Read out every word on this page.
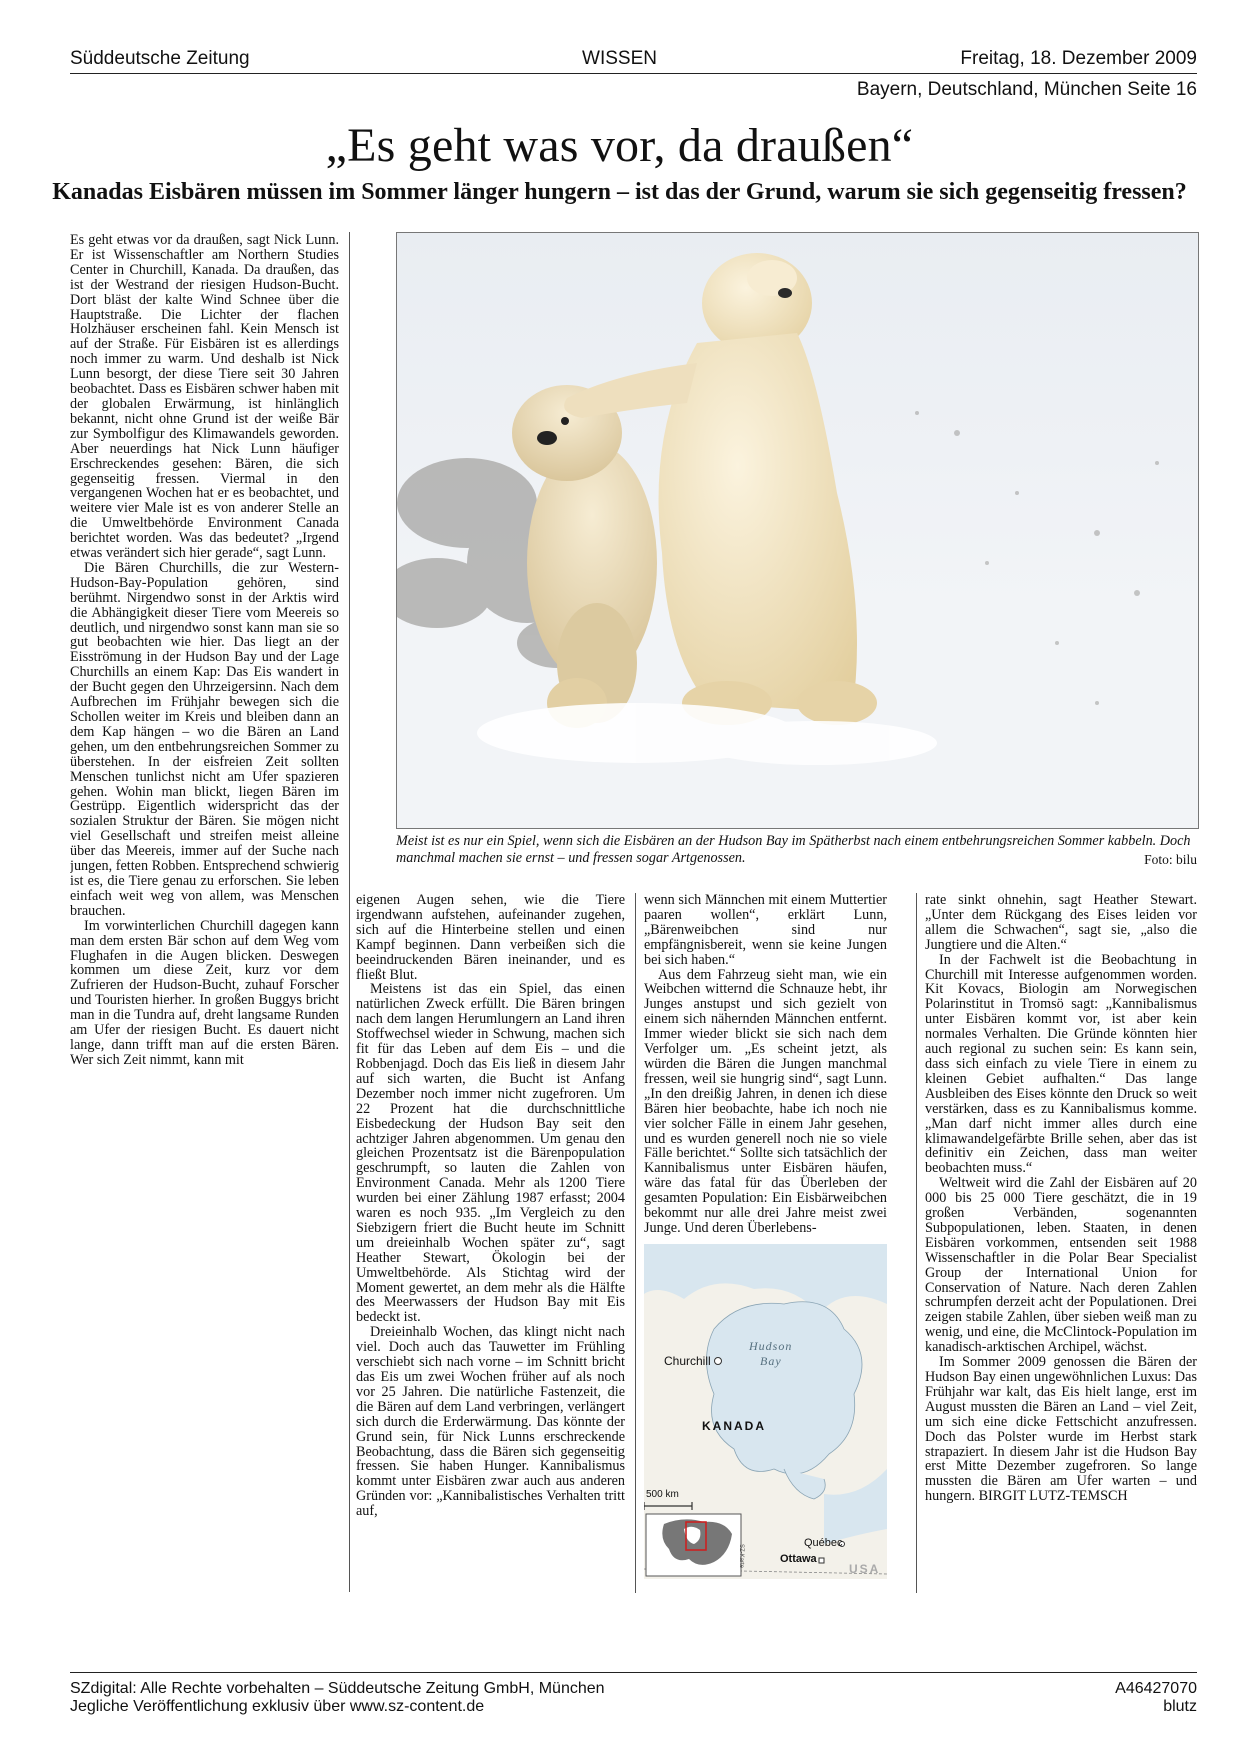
Süddeutsche Zeitung	WISSEN	Freitag, 18. Dezember 2009
Bayern, Deutschland, München Seite 16
„Es geht was vor, da draußen“
Kanadas Eisbären müssen im Sommer länger hungern – ist das der Grund, warum sie sich gegenseitig fressen?

Es geht etwas vor da draußen, sagt Nick Lunn. Er ist Wissenschaftler am Northern Studies Center in Churchill, Kanada. Da draußen, das ist der Westrand der riesigen Hudson-Bucht. Dort bläst der kalte Wind Schnee über die Hauptstraße. Die Lichter der flachen Holzhäuser erscheinen fahl. Kein Mensch ist auf der Straße. Für Eisbären ist es allerdings noch immer zu warm. Und deshalb ist Nick Lunn besorgt, der diese Tiere seit 30 Jahren beobachtet. Dass es Eisbären schwer haben mit der globalen Erwärmung, ist hinlänglich bekannt, nicht ohne Grund ist der weiße Bär zur Symbolfigur des Klimawandels geworden. Aber neuerdings hat Nick Lunn häufiger Erschreckendes gesehen: Bären, die sich gegenseitig fressen. Viermal in den vergangenen Wochen hat er es beobachtet, und weitere vier Male ist es von anderer Stelle an die Umweltbehörde Environment Canada berichtet worden. Was das bedeutet? „Irgend etwas verändert sich hier gerade“, sagt Lunn.

Die Bären Churchills, die zur Western-Hudson-Bay-Population gehören, sind berühmt. Nirgendwo sonst in der Arktis wird die Abhängigkeit dieser Tiere vom Meereis so deutlich, und nirgendwo sonst kann man sie so gut beobachten wie hier. Das liegt an der Eisströmung in der Hudson Bay und der Lage Churchills an einem Kap: Das Eis wandert in der Bucht gegen den Uhrzeigersinn. Nach dem Aufbrechen im Frühjahr bewegen sich die Schollen weiter im Kreis und bleiben dann an dem Kap hängen – wo die Bären an Land gehen, um den entbehrungsreichen Sommer zu überstehen. In der eisfreien Zeit sollten Menschen tunlichst nicht am Ufer spazieren gehen. Wohin man blickt, liegen Bären im Gestrüpp. Eigentlich widerspricht das der sozialen Struktur der Bären. Sie mögen nicht viel Gesellschaft und streifen meist alleine über das Meereis, immer auf der Suche nach jungen, fetten Robben. Entsprechend schwierig ist es, die Tiere genau zu erforschen. Sie leben einfach weit weg von allem, was Menschen brauchen.

Im vorwinterlichen Churchill dagegen kann man dem ersten Bär schon auf dem Weg vom Flughafen in die Augen blicken. Deswegen kommen um diese Zeit, kurz vor dem Zufrieren der Hudson-Bucht, zuhauf Forscher und Touristen hierher. In großen Buggys bricht man in die Tundra auf, dreht langsame Runden am Ufer der riesigen Bucht. Es dauert nicht lange, dann trifft man auf die ersten Bären. Wer sich Zeit nimmt, kann mit

Meist ist es nur ein Spiel, wenn sich die Eisbären an der Hudson Bay im Spätherbst nach einem entbehrungsreichen Sommer kabbeln. Doch manchmal machen sie ernst – und fressen sogar Artgenossen.	Foto: bilu

eigenen Augen sehen, wie die Tiere irgendwann aufstehen, aufeinander zugehen, sich auf die Hinterbeine stellen und einen Kampf beginnen. Dann verbeißen sich die beeindruckenden Bären ineinander, und es fließt Blut.

Meistens ist das ein Spiel, das einen natürlichen Zweck erfüllt. Die Bären bringen nach dem langen Herumlungern an Land ihren Stoffwechsel wieder in Schwung, machen sich fit für das Leben auf dem Eis – und die Robbenjagd. Doch das Eis ließ in diesem Jahr auf sich warten, die Bucht ist Anfang Dezember noch immer nicht zugefroren. Um 22 Prozent hat die durchschnittliche Eisbedeckung der Hudson Bay seit den achtziger Jahren abgenommen. Um genau den gleichen Prozentsatz ist die Bärenpopulation geschrumpft, so lauten die Zahlen von Environment Canada. Mehr als 1200 Tiere wurden bei einer Zählung 1987 erfasst; 2004 waren es noch 935. „Im Vergleich zu den Siebzigern friert die Bucht heute im Schnitt um dreieinhalb Wochen später zu“, sagt Heather Stewart, Ökologin bei der Umweltbehörde. Als Stichtag wird der Moment gewertet, an dem mehr als die Hälfte des Meerwassers der Hudson Bay mit Eis bedeckt ist.

Dreieinhalb Wochen, das klingt nicht nach viel. Doch auch das Tauwetter im Frühling verschiebt sich nach vorne – im Schnitt bricht das Eis um zwei Wochen früher auf als noch vor 25 Jahren. Die natürliche Fastenzeit, die die Bären auf dem Land verbringen, verlängert sich durch die Erderwärmung. Das könnte der Grund sein, für Nick Lunns erschreckende Beobachtung, dass die Bären sich gegenseitig fressen. Sie haben Hunger. Kannibalismus kommt unter Eisbären zwar auch aus anderen Gründen vor: „Kannibalistisches Verhalten tritt auf,

wenn sich Männchen mit einem Muttertier paaren wollen“, erklärt Lunn, „Bärenweibchen sind nur empfängnisbereit, wenn sie keine Jungen bei sich haben.“

Aus dem Fahrzeug sieht man, wie ein Weibchen witternd die Schnauze hebt, ihr Junges anstupst und sich gezielt von einem sich nähernden Männchen entfernt. Immer wieder blickt sie sich nach dem Verfolger um. „Es scheint jetzt, als würden die Bären die Jungen manchmal fressen, weil sie hungrig sind“, sagt Lunn. „In den dreißig Jahren, in denen ich diese Bären hier beobachte, habe ich noch nie vier solcher Fälle in einem Jahr gesehen, und es wurden generell noch nie so viele Fälle berichtet.“ Sollte sich tatsächlich der Kannibalismus unter Eisbären häufen, wäre das fatal für das Überleben der gesamten Population: Ein Eisbärweibchen bekommt nur alle drei Jahre meist zwei Junge. Und deren Überlebens-

Hudson
Bay
Churchill
KANADA
500 km
Québec
Ottawa
USA
SZ-Karte

rate sinkt ohnehin, sagt Heather Stewart. „Unter dem Rückgang des Eises leiden vor allem die Schwachen“, sagt sie, „also die Jungtiere und die Alten.“

In der Fachwelt ist die Beobachtung in Churchill mit Interesse aufgenommen worden. Kit Kovacs, Biologin am Norwegischen Polarinstitut in Tromsö sagt: „Kannibalismus unter Eisbären kommt vor, ist aber kein normales Verhalten. Die Gründe könnten hier auch regional zu suchen sein: Es kann sein, dass sich einfach zu viele Tiere in einem zu kleinen Gebiet aufhalten.“ Das lange Ausbleiben des Eises könnte den Druck so weit verstärken, dass es zu Kannibalismus komme. „Man darf nicht immer alles durch eine klimawandelgefärbte Brille sehen, aber das ist definitiv ein Zeichen, dass man weiter beobachten muss.“

Weltweit wird die Zahl der Eisbären auf 20 000 bis 25 000 Tiere geschätzt, die in 19 großen Verbänden, sogenannten Subpopulationen, leben. Staaten, in denen Eisbären vorkommen, entsenden seit 1988 Wissenschaftler in die Polar Bear Specialist Group der International Union for Conservation of Nature. Nach deren Zahlen schrumpfen derzeit acht der Populationen. Drei zeigen stabile Zahlen, über sieben weiß man zu wenig, und eine, die McClintock-Population im kanadisch-arktischen Archipel, wächst.

Im Sommer 2009 genossen die Bären der Hudson Bay einen ungewöhnlichen Luxus: Das Frühjahr war kalt, das Eis hielt lange, erst im August mussten die Bären an Land – viel Zeit, um sich eine dicke Fettschicht anzufressen. Doch das Polster wurde im Herbst stark strapaziert. In diesem Jahr ist die Hudson Bay erst Mitte Dezember zugefroren. So lange mussten die Bären am Ufer warten – und hungern. BIRGIT LUTZ-TEMSCH

SZdigital: Alle Rechte vorbehalten – Süddeutsche Zeitung GmbH, München
Jegliche Veröffentlichung exklusiv über www.sz-content.de
A46427070
blutz
